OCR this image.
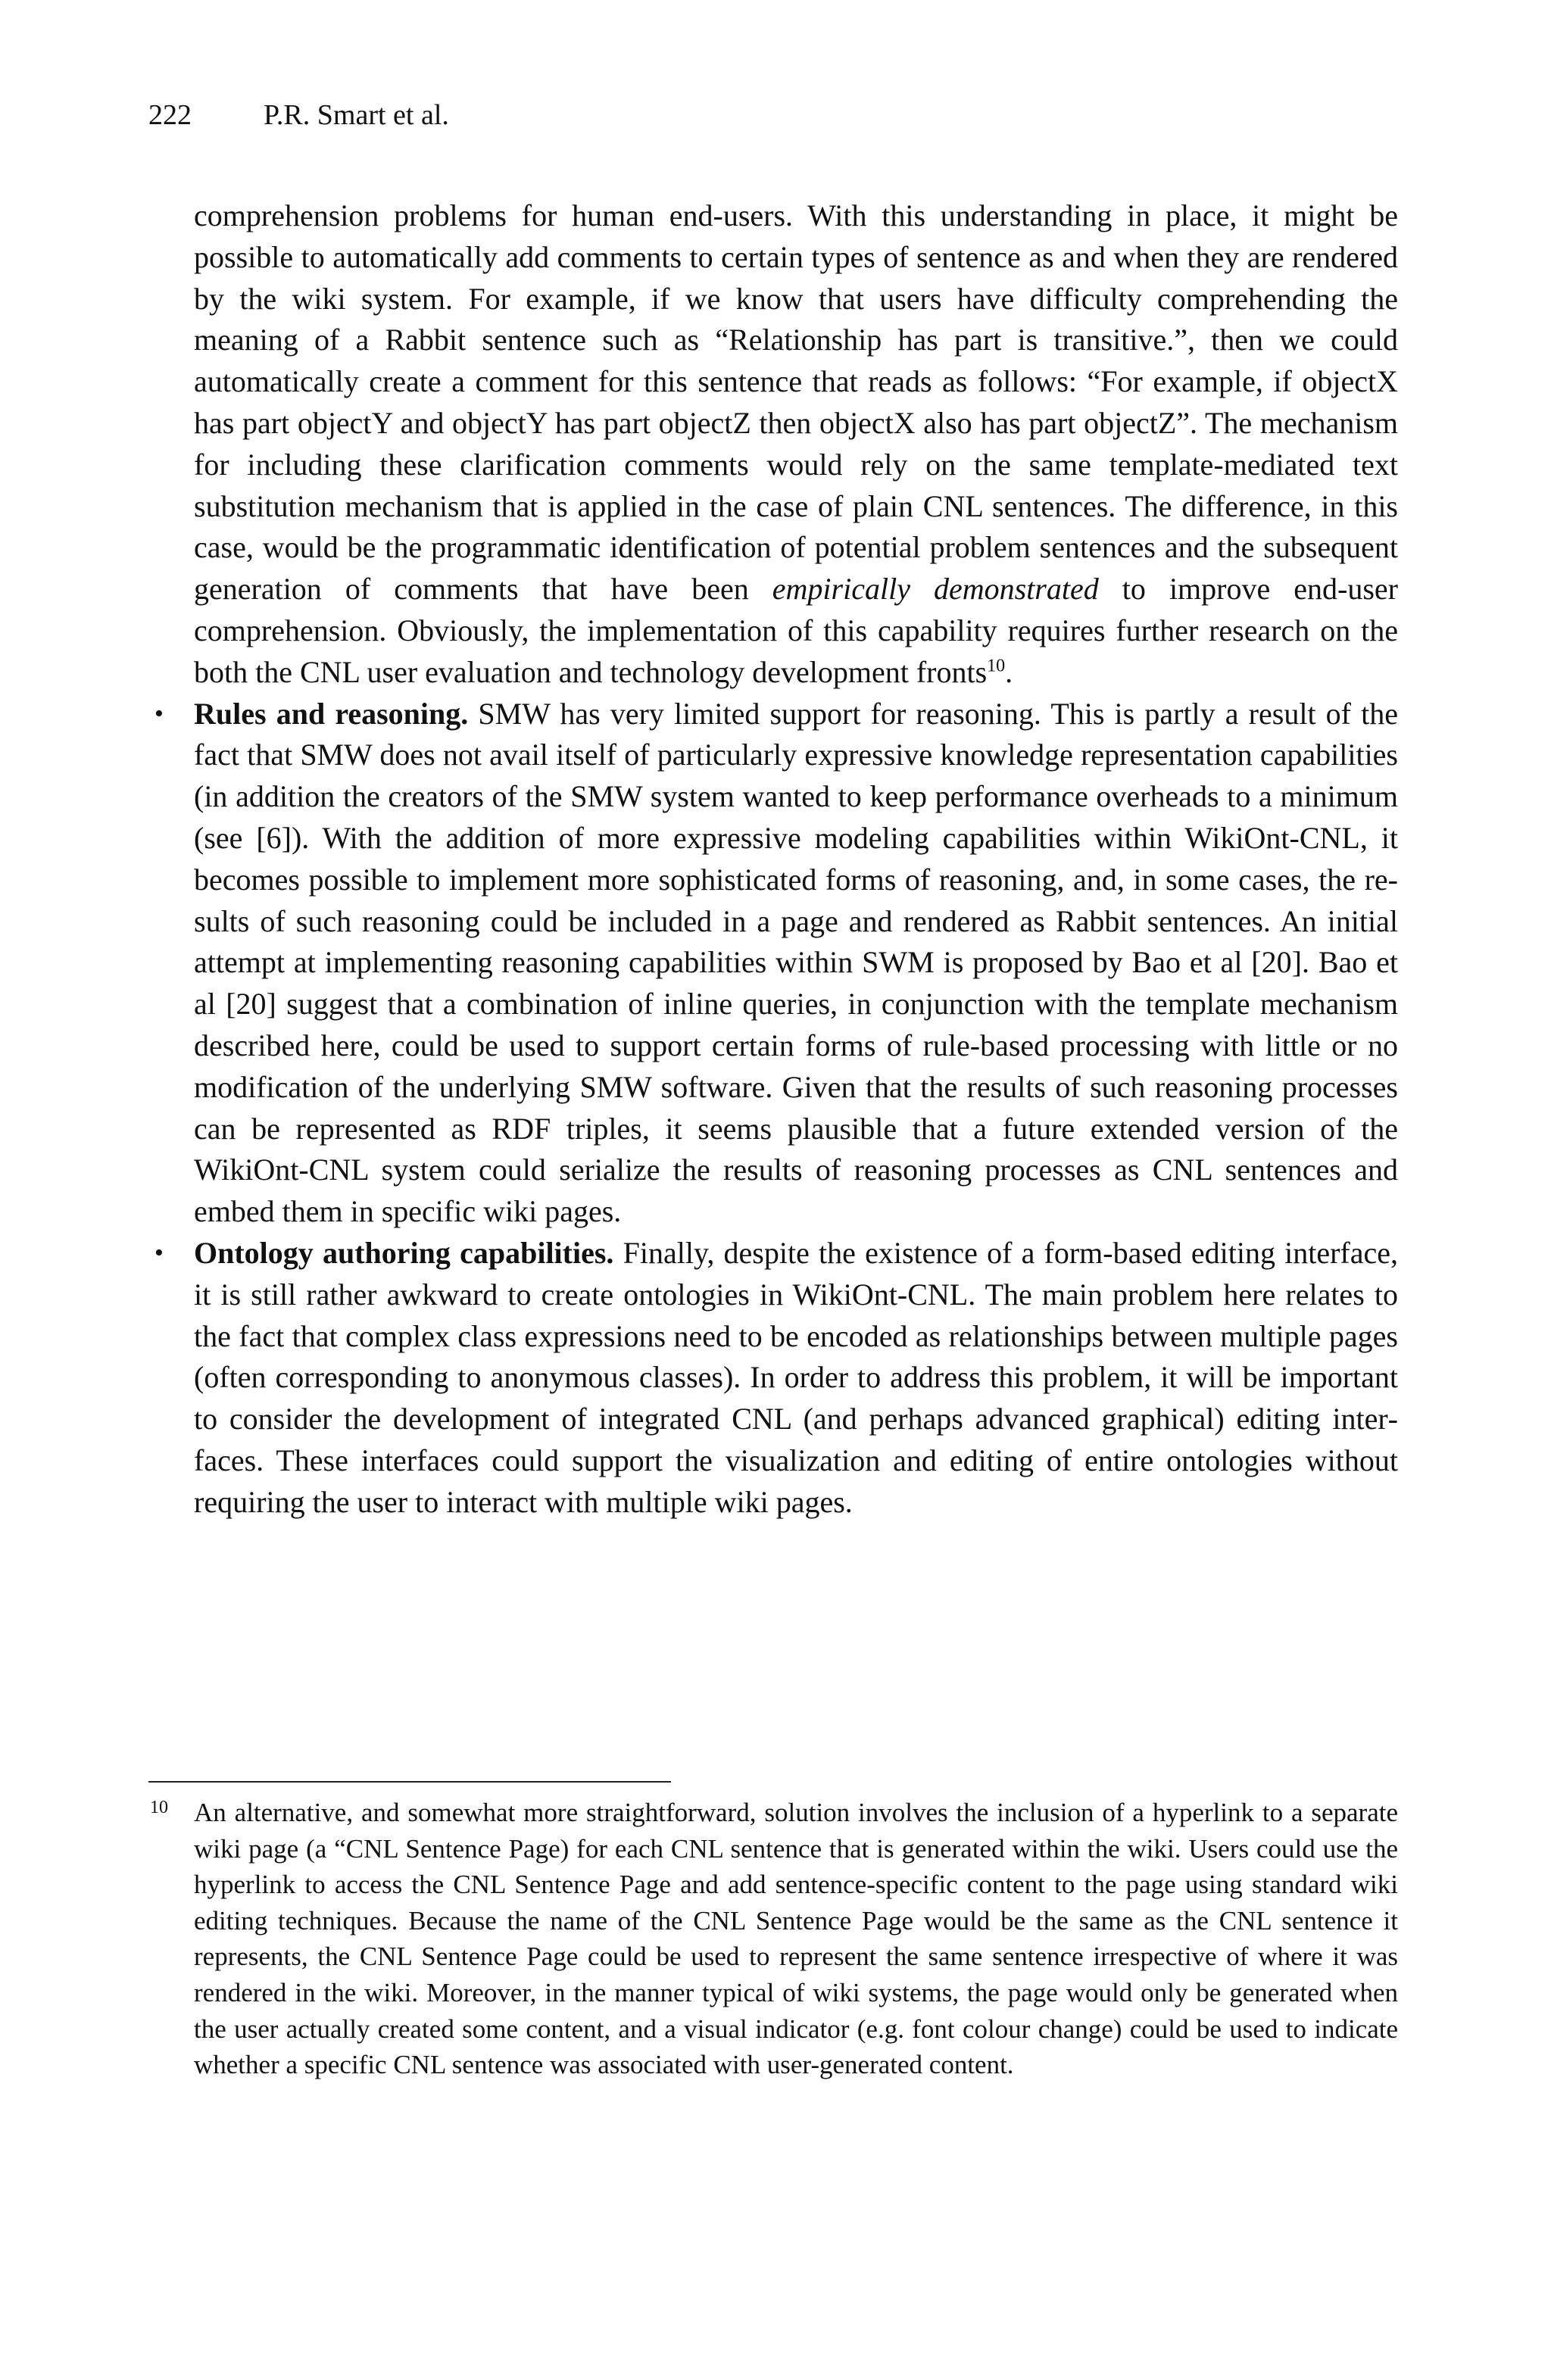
222	P.R. Smart et al.

comprehension problems for human end-users. With this understanding in place, it might be possible to automatically add comments to certain types of sentence as and when they are rendered by the wiki system. For example, if we know that users have difficulty comprehending the meaning of a Rabbit sentence such as “Relationship has part is transitive.”, then we could automatically create a comment for this sentence that reads as follows: “For example, if objectX has part objectY and objectY has part objectZ then objectX also has part objectZ”. The mechanism for including these clarification comments would rely on the same template-mediated text substitution mechanism that is applied in the case of plain CNL sentences. The difference, in this case, would be the programmatic identification of potential problem sentences and the subsequent generation of comments that have been empirically demonstrated to improve end-user comprehension. Obviously, the implementation of this capability requires further research on the both the CNL user evaluation and technology development fronts$^{10}$.

• Rules and reasoning. SMW has very limited support for reasoning. This is partly a result of the fact that SMW does not avail itself of particularly expressive knowledge representation capabilities (in addition the creators of the SMW system wanted to keep performance overheads to a minimum (see [6]). With the addition of more expressive modeling capabilities within WikiOnt-CNL, it becomes possible to implement more sophisticated forms of reasoning, and, in some cases, the results of such reasoning could be included in a page and rendered as Rabbit sentences. An initial attempt at implementing reasoning capabilities within SWM is proposed by Bao et al [20]. Bao et al [20] suggest that a combination of inline queries, in conjunction with the template mechanism described here, could be used to support certain forms of rule-based processing with little or no modification of the underlying SMW software. Given that the results of such reasoning processes can be represented as RDF triples, it seems plausible that a future extended version of the WikiOnt-CNL system could serialize the results of reasoning processes as CNL sentences and embed them in specific wiki pages.
• Ontology authoring capabilities. Finally, despite the existence of a form-based editing interface, it is still rather awkward to create ontologies in WikiOnt-CNL. The main problem here relates to the fact that complex class expressions need to be encoded as relationships between multiple pages (often corresponding to anonymous classes). In order to address this problem, it will be important to consider the development of integrated CNL (and perhaps advanced graphical) editing interfaces. These interfaces could support the visualization and editing of entire ontologies without requiring the user to interact with multiple wiki pages.
10 An alternative, and somewhat more straightforward, solution involves the inclusion of a hyperlink to a separate wiki page (a “CNL Sentence Page) for each CNL sentence that is generated within the wiki. Users could use the hyperlink to access the CNL Sentence Page and add sentence-specific content to the page using standard wiki editing techniques. Because the name of the CNL Sentence Page would be the same as the CNL sentence it represents, the CNL Sentence Page could be used to represent the same sentence irrespective of where it was rendered in the wiki. Moreover, in the manner typical of wiki systems, the page would only be generated when the user actually created some content, and a visual indicator (e.g. font colour change) could be used to indicate whether a specific CNL sentence was associated with user-generated content.
